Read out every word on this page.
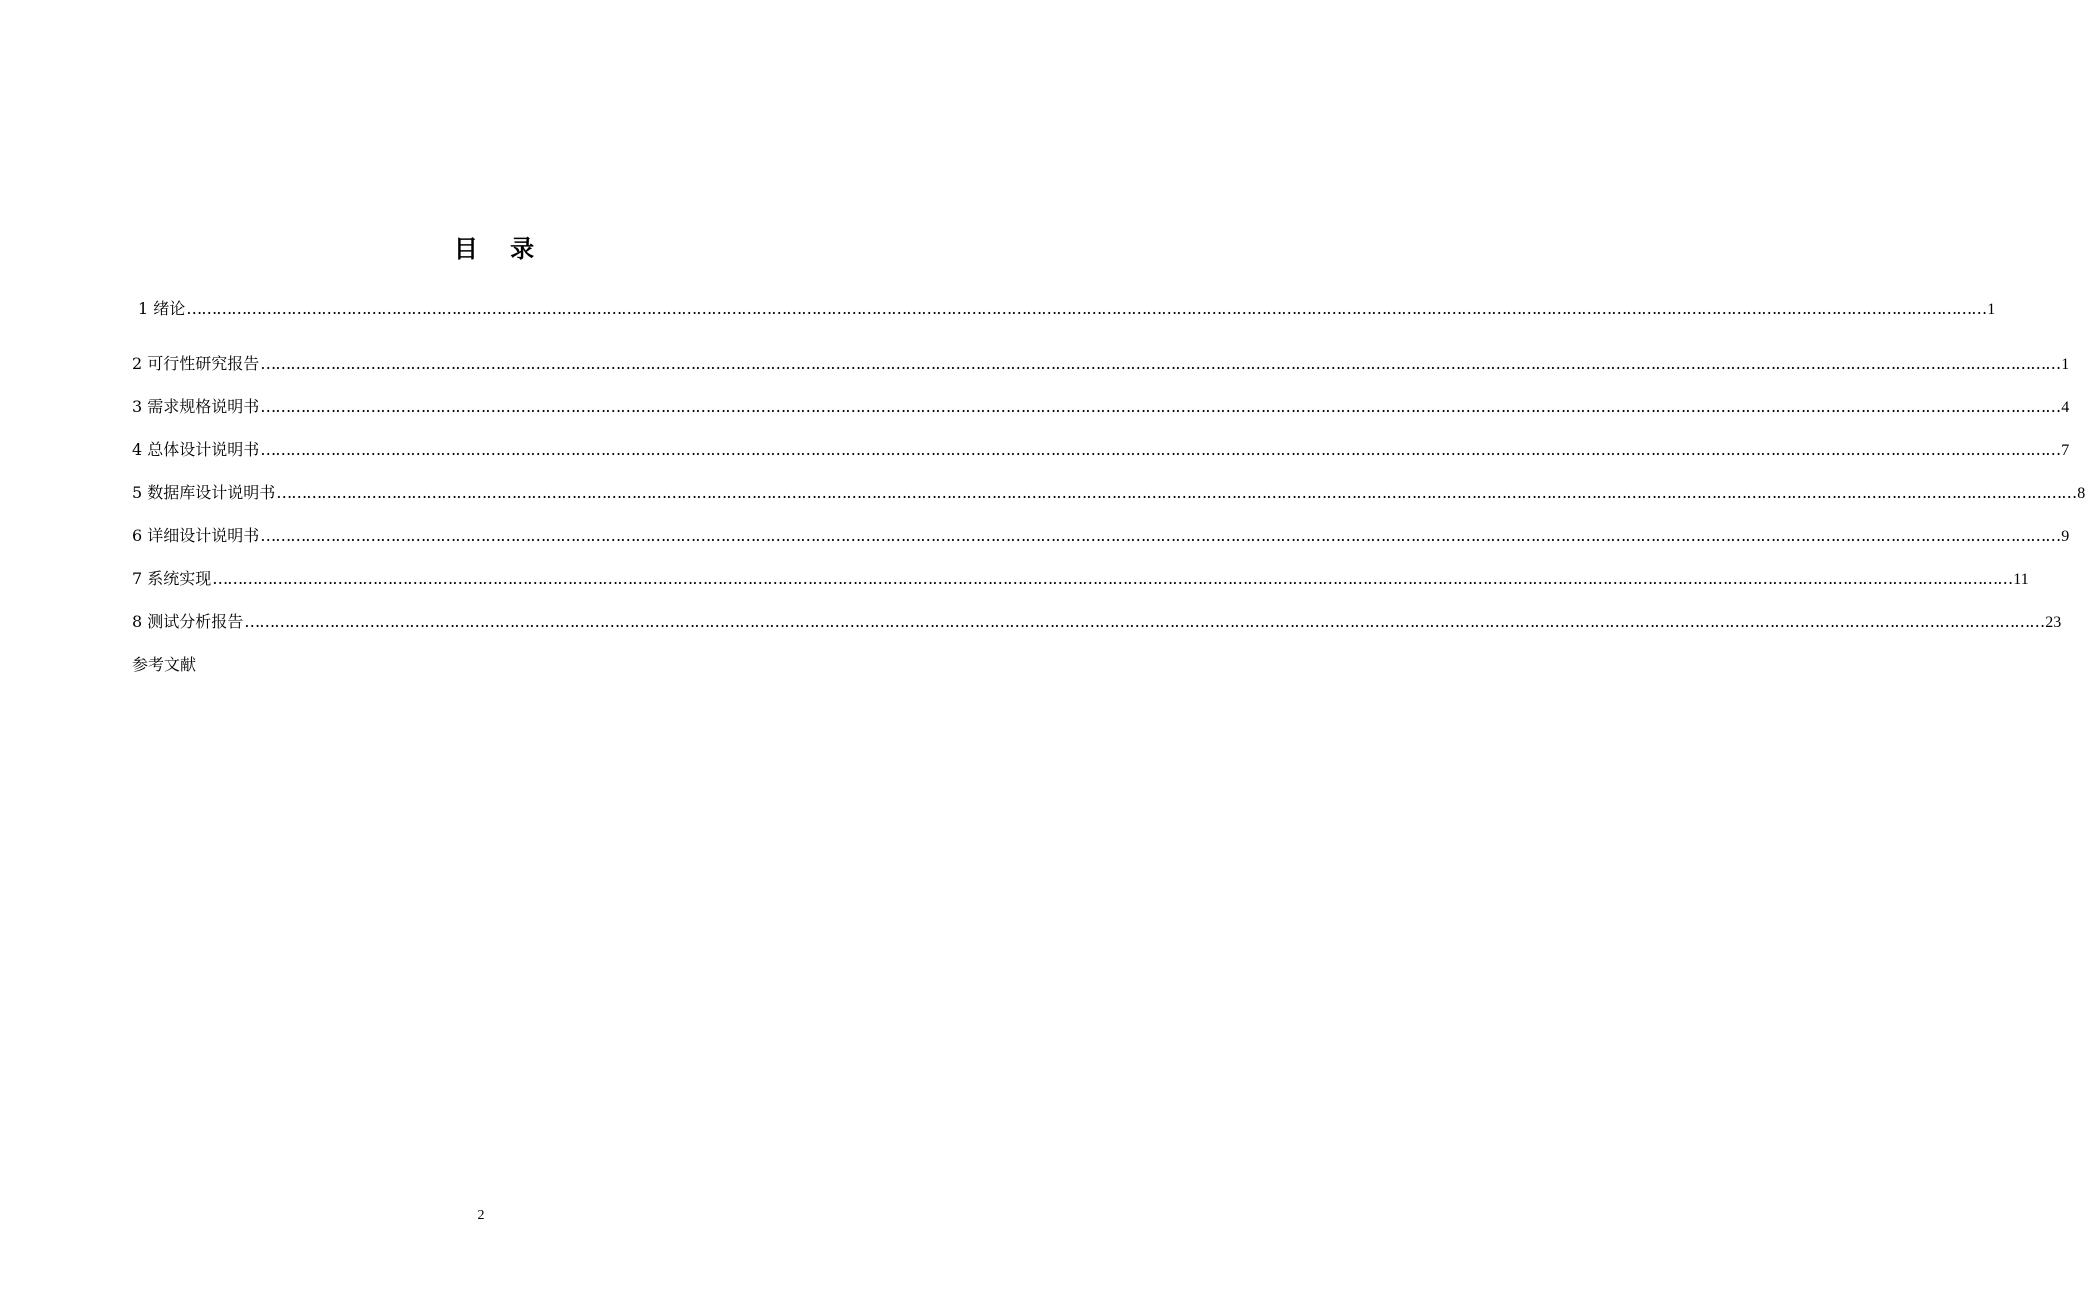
目 录
1 绪论 ……………………………………………………………………………………………………………………………………………………………………………………………………………………………………………………………………………………………………………………………… 1
2 可行性研究报告 ……………………………………………………………………………………………………………………………………………………………………………………………………………………………………………………………………………………………………………………………… 1
3 需求规格说明书 ……………………………………………………………………………………………………………………………………………………………………………………………………………………………………………………………………………………………………………………………… 4
4 总体设计说明书 ……………………………………………………………………………………………………………………………………………………………………………………………………………………………………………………………………………………………………………………………… 7
5 数据库设计说明书 ……………………………………………………………………………………………………………………………………………………………………………………………………………………………………………………………………………………………………………………………… 8
6 详细设计说明书 ……………………………………………………………………………………………………………………………………………………………………………………………………………………………………………………………………………………………………………………………… 9
7 系统实现 ……………………………………………………………………………………………………………………………………………………………………………………………………………………………………………………………………………………………………………………………… 11
8 测试分析报告 ……………………………………………………………………………………………………………………………………………………………………………………………………………………………………………………………………………………………………………………………… 23
参考文献
2
